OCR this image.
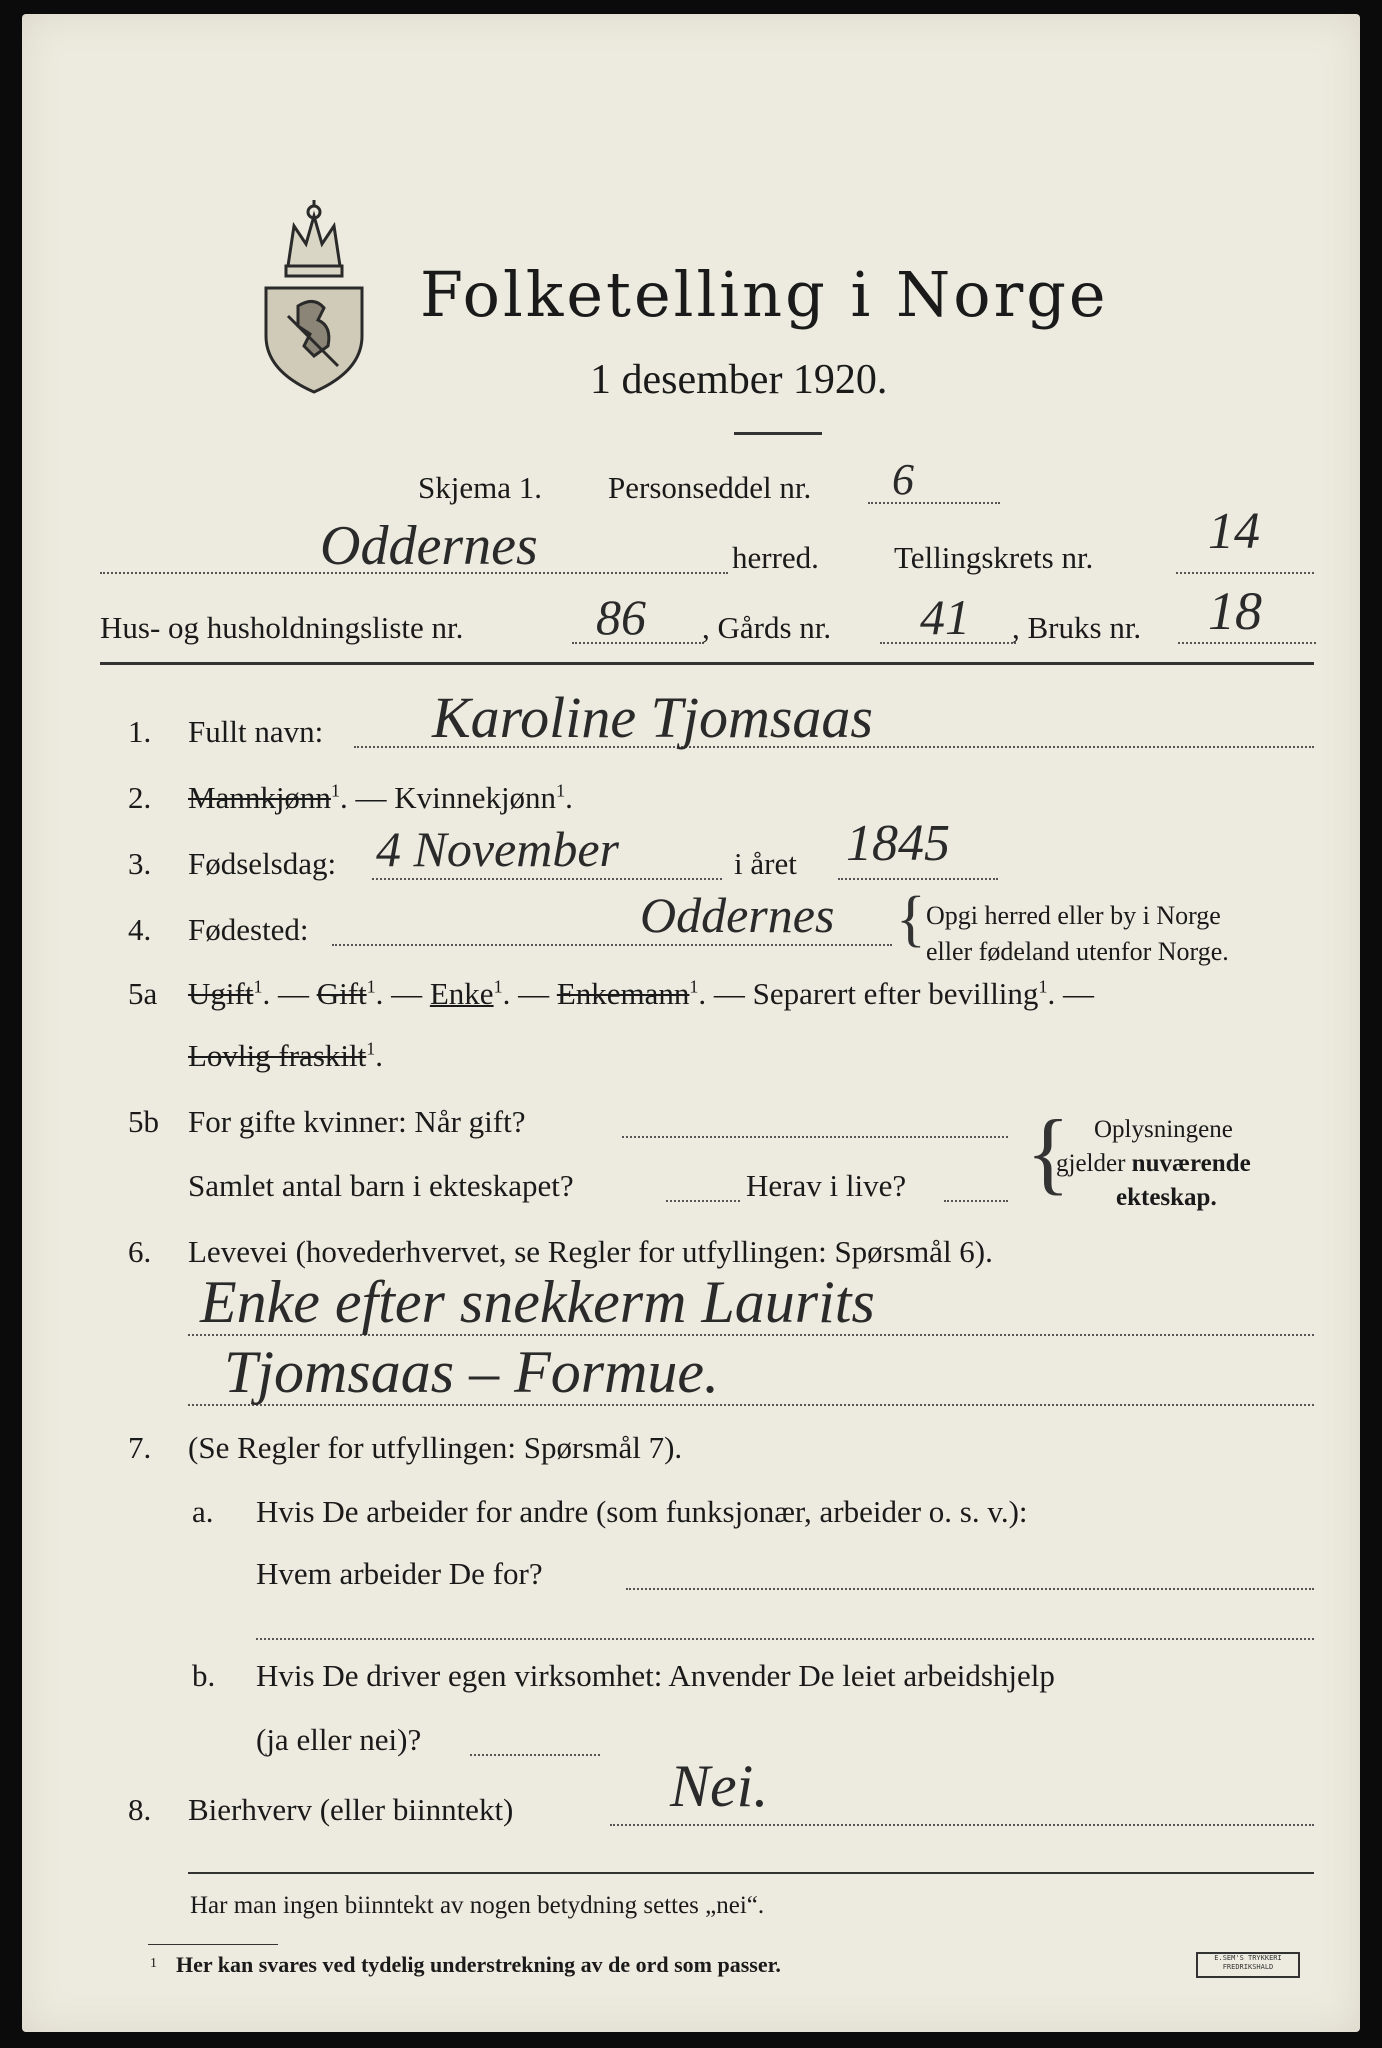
Folketelling i Norge
1 desember 1920.
Skjema 1. Personseddel nr. 6
Oddernes	herred. Tellingskrets nr. 14
Hus- og husholdningsliste nr.	86 , Gårds nr. 41 , Bruks nr. 18
1. Fullt navn: Karoline Tjomsaas
2. Mannkjønn$^1$. — Kvinnekjønn$^1$.
3. Fødselsdag: 4 November	i året 1845
4. Fødested:	Oddernes { Opgi herred eller by i Norge
eller fødeland utenfor Norge.
5a Ugift$^1$. — Gift$^1$. — Enke$^1$. — Enkemann$^1$. — Separert efter bevilling$^1$. —
Lovlig fraskilt$^1$.
5b For gifte kvinner: Når gift?
Samlet antal barn i ekteskapet?	Herav i live? { Oplysningene
gjelder nuværende
ekteskap.
6. Levevei (hovederhvervet, se Regler for utfyllingen: Spørsmål 6).
Enke efter snekkerm Laurits
Tjomsaas – Formue.
7. (Se Regler for utfyllingen: Spørsmål 7).
a. Hvis De arbeider for andre (som funksjonær, arbeider o. s. v.):
Hvem arbeider De for?
b. Hvis De driver egen virksomhet: Anvender De leiet arbeidshjelp
(ja eller nei)?
8. Bierhverv (eller biinntekt)	Nei.
Har man ingen biinntekt av nogen betydning settes „nei“.
1 Her kan svares ved tydelig understrekning av de ord som passer.	E.SEM'S TRYKKERI
FREDRIKSHALD
